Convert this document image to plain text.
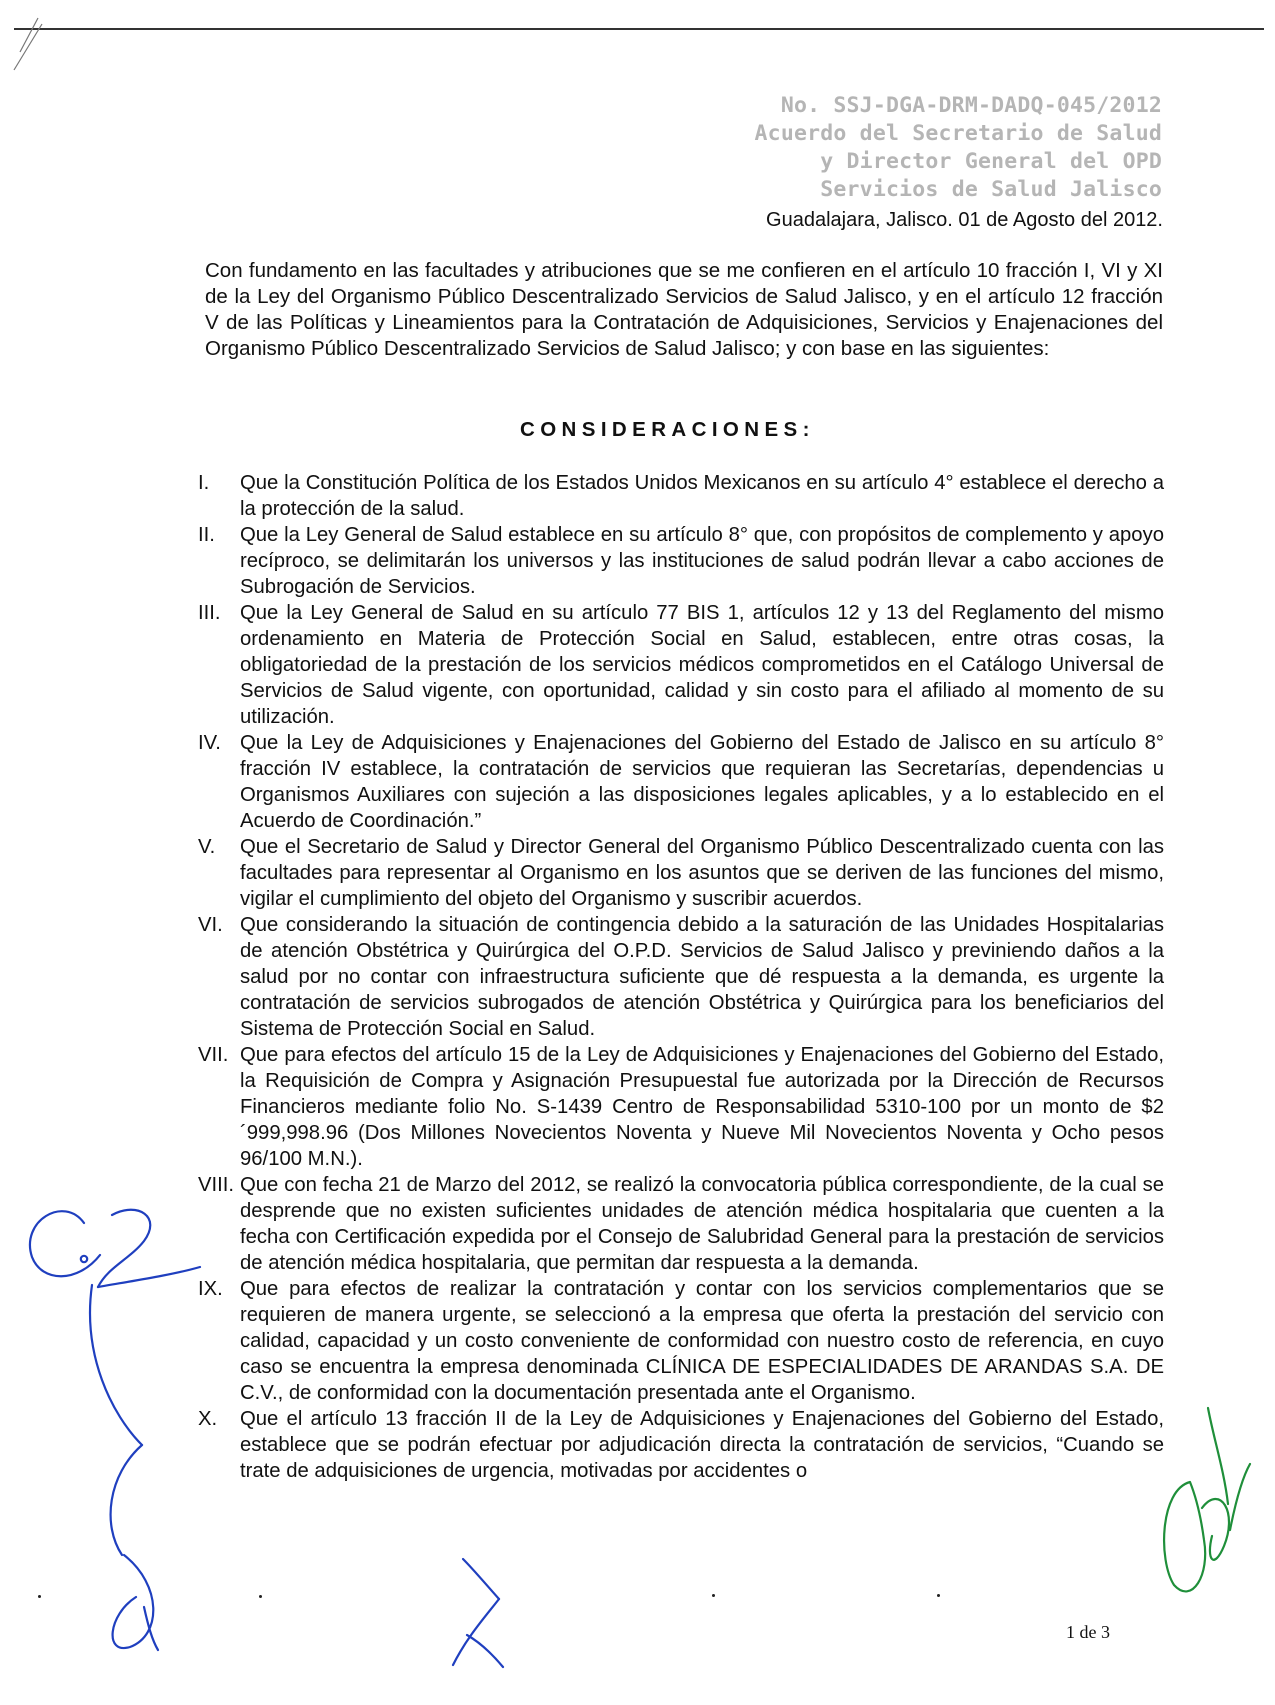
No. SSJ-DGA-DRM-DADQ-045/2012
Acuerdo del Secretario de Salud
y Director General del OPD
Servicios de Salud Jalisco
Guadalajara, Jalisco. 01 de Agosto del 2012.
Con fundamento en las facultades y atribuciones que se me confieren en el artículo 10 fracción I, VI y XI de la Ley del Organismo Público Descentralizado Servicios de Salud Jalisco, y en el artículo 12 fracción V de las Políticas y Lineamientos para la Contratación de Adquisiciones, Servicios y Enajenaciones del Organismo Público Descentralizado Servicios de Salud Jalisco; y con base en las siguientes:
CONSIDERACIONES:
I.	Que la Constitución Política de los Estados Unidos Mexicanos en su artículo 4° establece el derecho a la protección de la salud.
II.	Que la Ley General de Salud establece en su artículo 8° que, con propósitos de complemento y apoyo recíproco, se delimitarán los universos y las instituciones de salud podrán llevar a cabo acciones de Subrogación de Servicios.
III. Que la Ley General de Salud en su artículo 77 BIS 1, artículos 12 y 13 del Reglamento del mismo ordenamiento en Materia de Protección Social en Salud, establecen, entre otras cosas, la obligatoriedad de la prestación de los servicios médicos comprometidos en el Catálogo Universal de Servicios de Salud vigente, con oportunidad, calidad y sin costo para el afiliado al momento de su utilización.
IV. Que la Ley de Adquisiciones y Enajenaciones del Gobierno del Estado de Jalisco en su artículo 8° fracción IV establece, la contratación de servicios que requieran las Secretarías, dependencias u Organismos Auxiliares con sujeción a las disposiciones legales aplicables, y a lo establecido en el Acuerdo de Coordinación.”
V.	Que el Secretario de Salud y Director General del Organismo Público Descentralizado cuenta con las facultades para representar al Organismo en los asuntos que se deriven de las funciones del mismo, vigilar el cumplimiento del objeto del Organismo y suscribir acuerdos.
VI. Que considerando la situación de contingencia debido a la saturación de las Unidades Hospitalarias de atención Obstétrica y Quirúrgica del O.P.D. Servicios de Salud Jalisco y previniendo daños a la salud por no contar con infraestructura suficiente que dé respuesta a la demanda, es urgente la contratación de servicios subrogados de atención Obstétrica y Quirúrgica para los beneficiarios del Sistema de Protección Social en Salud.
VII. Que para efectos del artículo 15 de la Ley de Adquisiciones y Enajenaciones del Gobierno del Estado, la Requisición de Compra y Asignación Presupuestal fue autorizada por la Dirección de Recursos Financieros mediante folio No. S-1439 Centro de Responsabilidad 5310-100 por un monto de $2´999,998.96 (Dos Millones Novecientos Noventa y Nueve Mil Novecientos Noventa y Ocho pesos 96/100 M.N.).
VIII. Que con fecha 21 de Marzo del 2012, se realizó la convocatoria pública correspondiente, de la cual se desprende que no existen suficientes unidades de atención médica hospitalaria que cuenten a la fecha con Certificación expedida por el Consejo de Salubridad General para la prestación de servicios de atención médica hospitalaria, que permitan dar respuesta a la demanda.
IX. Que para efectos de realizar la contratación y contar con los servicios complementarios que se requieren de manera urgente, se seleccionó a la empresa que oferta la prestación del servicio con calidad, capacidad y un costo conveniente de conformidad con nuestro costo de referencia, en cuyo caso se encuentra la empresa denominada CLÍNICA DE ESPECIALIDADES DE ARANDAS S.A. DE C.V., de conformidad con la documentación presentada ante el Organismo.
X.	Que el artículo 13 fracción II de la Ley de Adquisiciones y Enajenaciones del Gobierno del Estado, establece que se podrán efectuar por adjudicación directa la contratación de servicios, “Cuando se trate de adquisiciones de urgencia, motivadas por accidentes o
1 de 3
